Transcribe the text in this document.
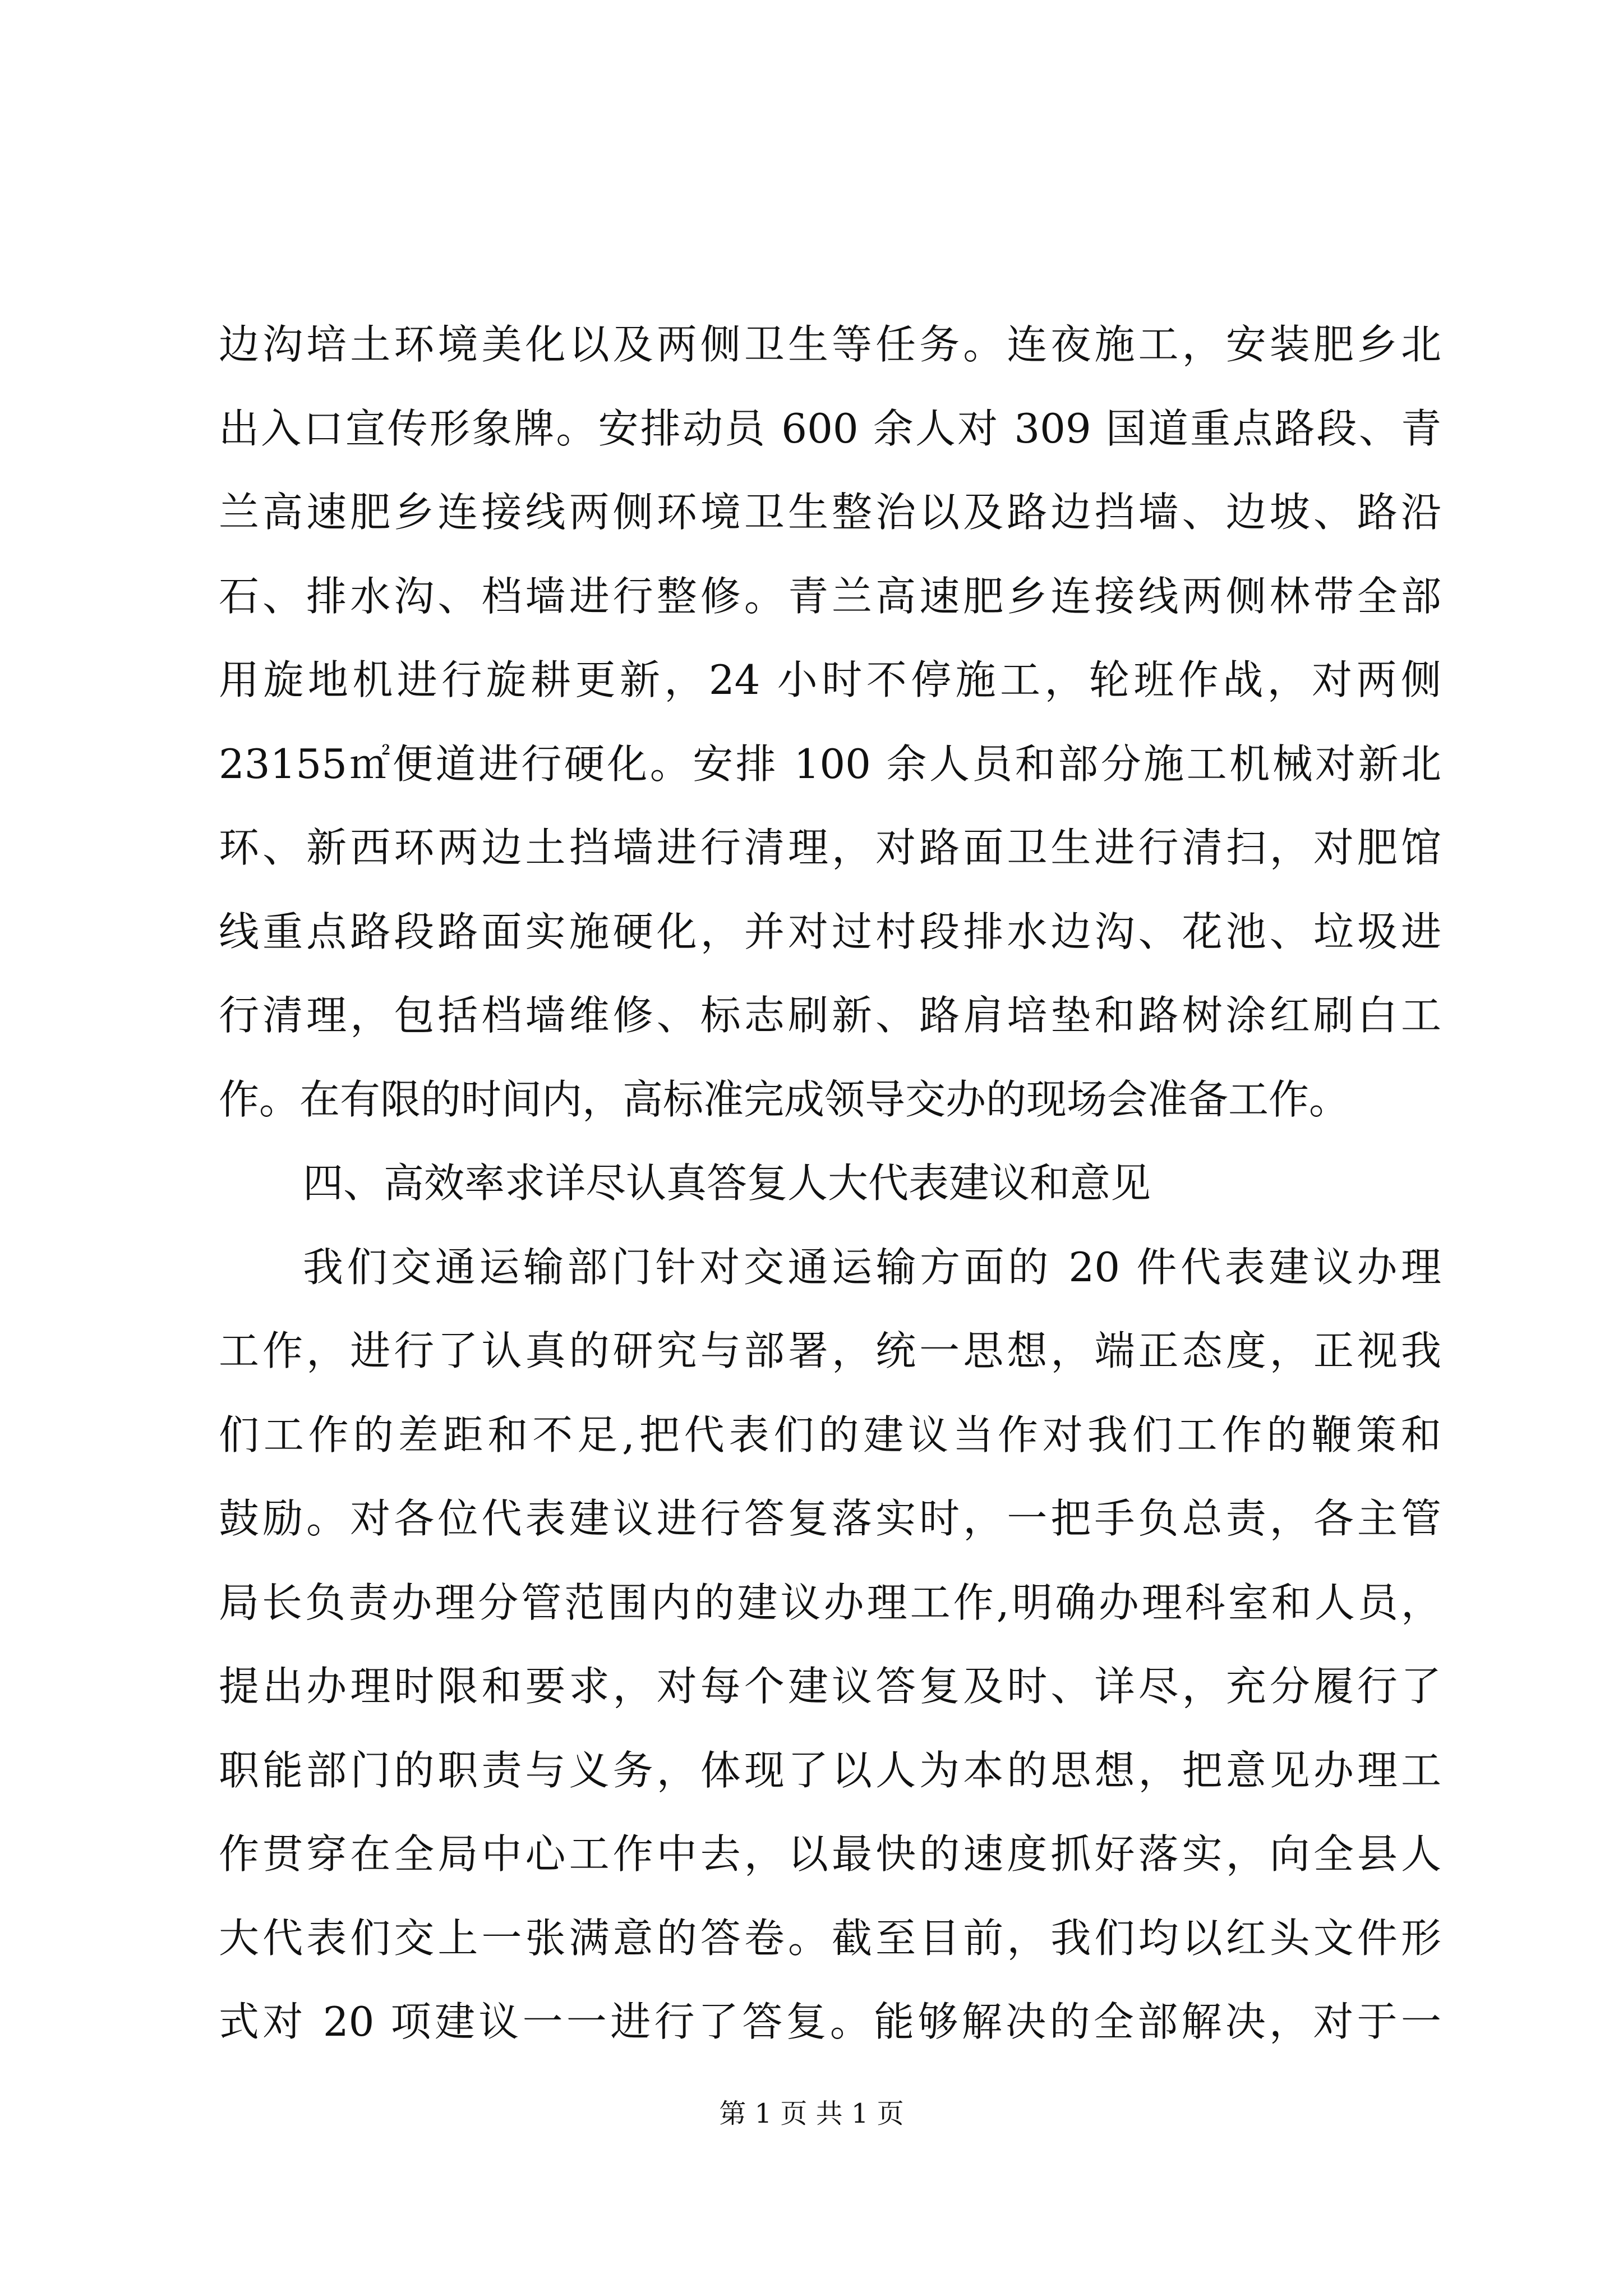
边沟培土环境美化以及两侧卫生等任务。连夜施工，安装肥乡北
出入口宣传形象牌。安排动员 600 余人对 309 国道重点路段、青
兰高速肥乡连接线两侧环境卫生整治以及路边挡墙、边坡、路沿
石、排水沟、档墙进行整修。青兰高速肥乡连接线两侧林带全部
用旋地机进行旋耕更新，24 小时不停施工，轮班作战，对两侧
23155㎡便道进行硬化。安排 100 余人员和部分施工机械对新北
环、新西环两边土挡墙进行清理，对路面卫生进行清扫，对肥馆
线重点路段路面实施硬化，并对过村段排水边沟、花池、垃圾进
行清理，包括档墙维修、标志刷新、路肩培垫和路树涂红刷白工
作。在有限的时间内，高标准完成领导交办的现场会准备工作。
四、高效率求详尽认真答复人大代表建议和意见
我们交通运输部门针对交通运输方面的 20 件代表建议办理
工作，进行了认真的研究与部署，统一思想，端正态度，正视我
们工作的差距和不足,把代表们的建议当作对我们工作的鞭策和
鼓励。对各位代表建议进行答复落实时，一把手负总责，各主管
局长负责办理分管范围内的建议办理工作,明确办理科室和人员，
提出办理时限和要求，对每个建议答复及时、详尽，充分履行了
职能部门的职责与义务，体现了以人为本的思想，把意见办理工
作贯穿在全局中心工作中去，以最快的速度抓好落实，向全县人
大代表们交上一张满意的答卷。截至目前，我们均以红头文件形
式对 20 项建议一一进行了答复。能够解决的全部解决，对于一
第 1 页 共 1 页
